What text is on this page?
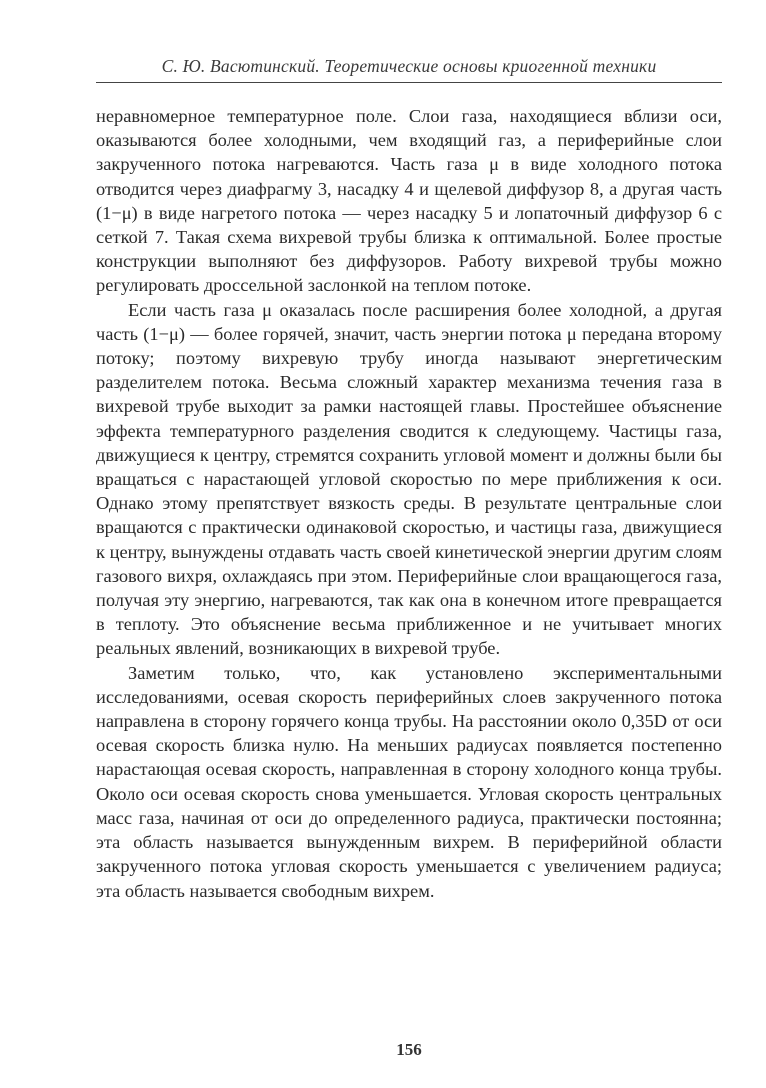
С. Ю. Васютинский. Теоретические основы криогенной техники

неравномерное температурное поле. Слои газа, находящиеся вблизи оси, оказываются более холодными, чем входящий газ, а периферийные слои закрученного потока нагреваются. Часть газа μ в виде холодного потока отводится через диафрагму 3, насадку 4 и щелевой диффузор 8, а другая часть (1−μ) в виде нагретого потока — через насадку 5 и лопаточный диффузор 6 с сеткой 7. Такая схема вихревой трубы близка к оптимальной. Более простые конструкции выполняют без диффузоров. Работу вихревой трубы можно регулировать дроссельной заслонкой на теплом потоке.

Если часть газа μ оказалась после расширения более холодной, а другая часть (1−μ) — более горячей, значит, часть энергии потока μ передана второму потоку; поэтому вихревую трубу иногда называют энергетическим разделителем потока. Весьма сложный характер механизма течения газа в вихревой трубе выходит за рамки настоящей главы. Простейшее объяснение эффекта температурного разделения сводится к следующему. Частицы газа, движущиеся к центру, стремятся сохранить угловой момент и должны были бы вращаться с нарастающей угловой скоростью по мере приближения к оси. Однако этому препятствует вязкость среды. В результате центральные слои вращаются с практически одинаковой скоростью, и частицы газа, движущиеся к центру, вынуждены отдавать часть своей кинетической энергии другим слоям газового вихря, охлаждаясь при этом. Периферийные слои вращающегося газа, получая эту энергию, нагреваются, так как она в конечном итоге превращается в теплоту. Это объяснение весьма приближенное и не учитывает многих реальных явлений, возникающих в вихревой трубе.

Заметим только, что, как установлено экспериментальными исследованиями, осевая скорость периферийных слоев закрученного потока направлена в сторону горячего конца трубы. На расстоянии около 0,35D от оси осевая скорость близка нулю. На меньших радиусах появляется постепенно нарастающая осевая скорость, направленная в сторону холодного конца трубы. Около оси осевая скорость снова уменьшается. Угловая скорость центральных масс газа, начиная от оси до определенного радиуса, практически постоянна; эта область называется вынужденным вихрем. В периферийной области закрученного потока угловая скорость уменьшается с увеличением радиуса; эта область называется свободным вихрем.

156
